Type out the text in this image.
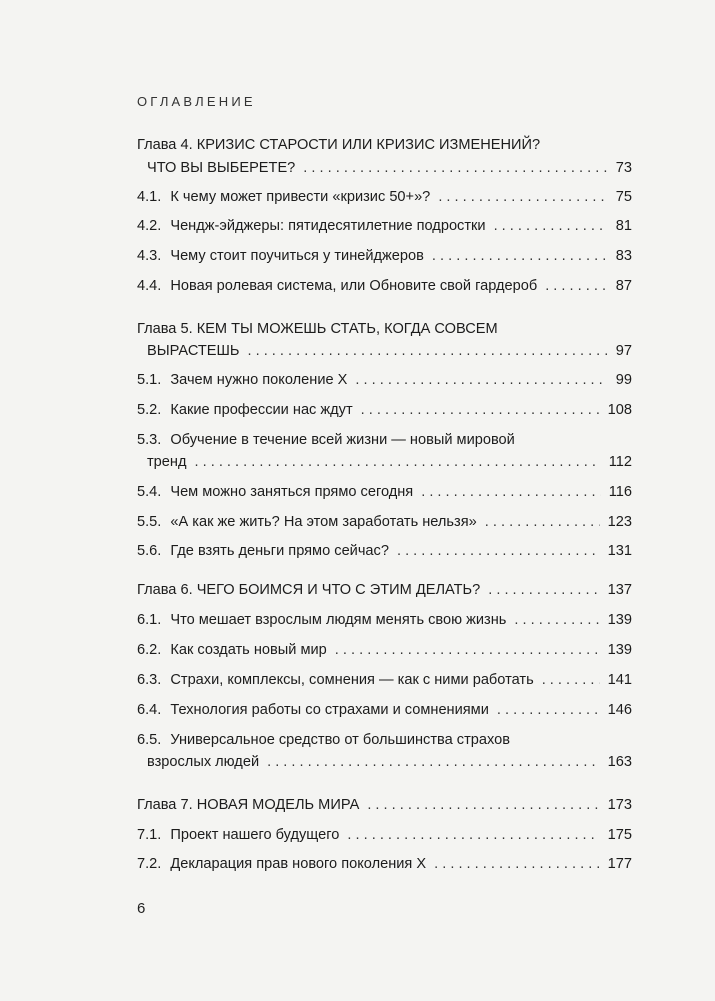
ОГЛАВЛЕНИЕ
Глава 4. КРИЗИС СТАРОСТИ ИЛИ КРИЗИС ИЗМЕНЕНИЙ?
ЧТО ВЫ ВЫБЕРЕТЕ? . . .	73
4.1. К чему может привести «кризис 50+»? . . .	75
4.2. Чендж-эйджеры: пятидесятилетние подростки . . .	81
4.3. Чему стоит поучиться у тинейджеров . . .	83
4.4. Новая ролевая система, или Обновите свой гардероб . . .	87
Глава 5. КЕМ ТЫ МОЖЕШЬ СТАТЬ, КОГДА СОВСЕМ
ВЫРАСТЕШЬ . . .	97
5.1. Зачем нужно поколение Х . . .	99
5.2. Какие профессии нас ждут . . .	108
5.3. Обучение в течение всей жизни — новый мировой
тренд . . .	112
5.4. Чем можно заняться прямо сегодня . . .	116
5.5. «А как же жить? На этом заработать нельзя» . . .	123
5.6. Где взять деньги прямо сейчас? . . .	131
Глава 6. ЧЕГО БОИМСЯ И ЧТО С ЭТИМ ДЕЛАТЬ? . . .	137
6.1. Что мешает взрослым людям менять свою жизнь . . .	139
6.2. Как создать новый мир . . .	139
6.3. Страхи, комплексы, сомнения — как с ними работать . . .	141
6.4. Технология работы со страхами и сомнениями . . .	146
6.5. Универсальное средство от большинства страхов
взрослых людей . . .	163
Глава 7. НОВАЯ МОДЕЛЬ МИРА . . .	173
7.1. Проект нашего будущего . . .	175
7.2. Декларация прав нового поколения Х . . .	177
6
